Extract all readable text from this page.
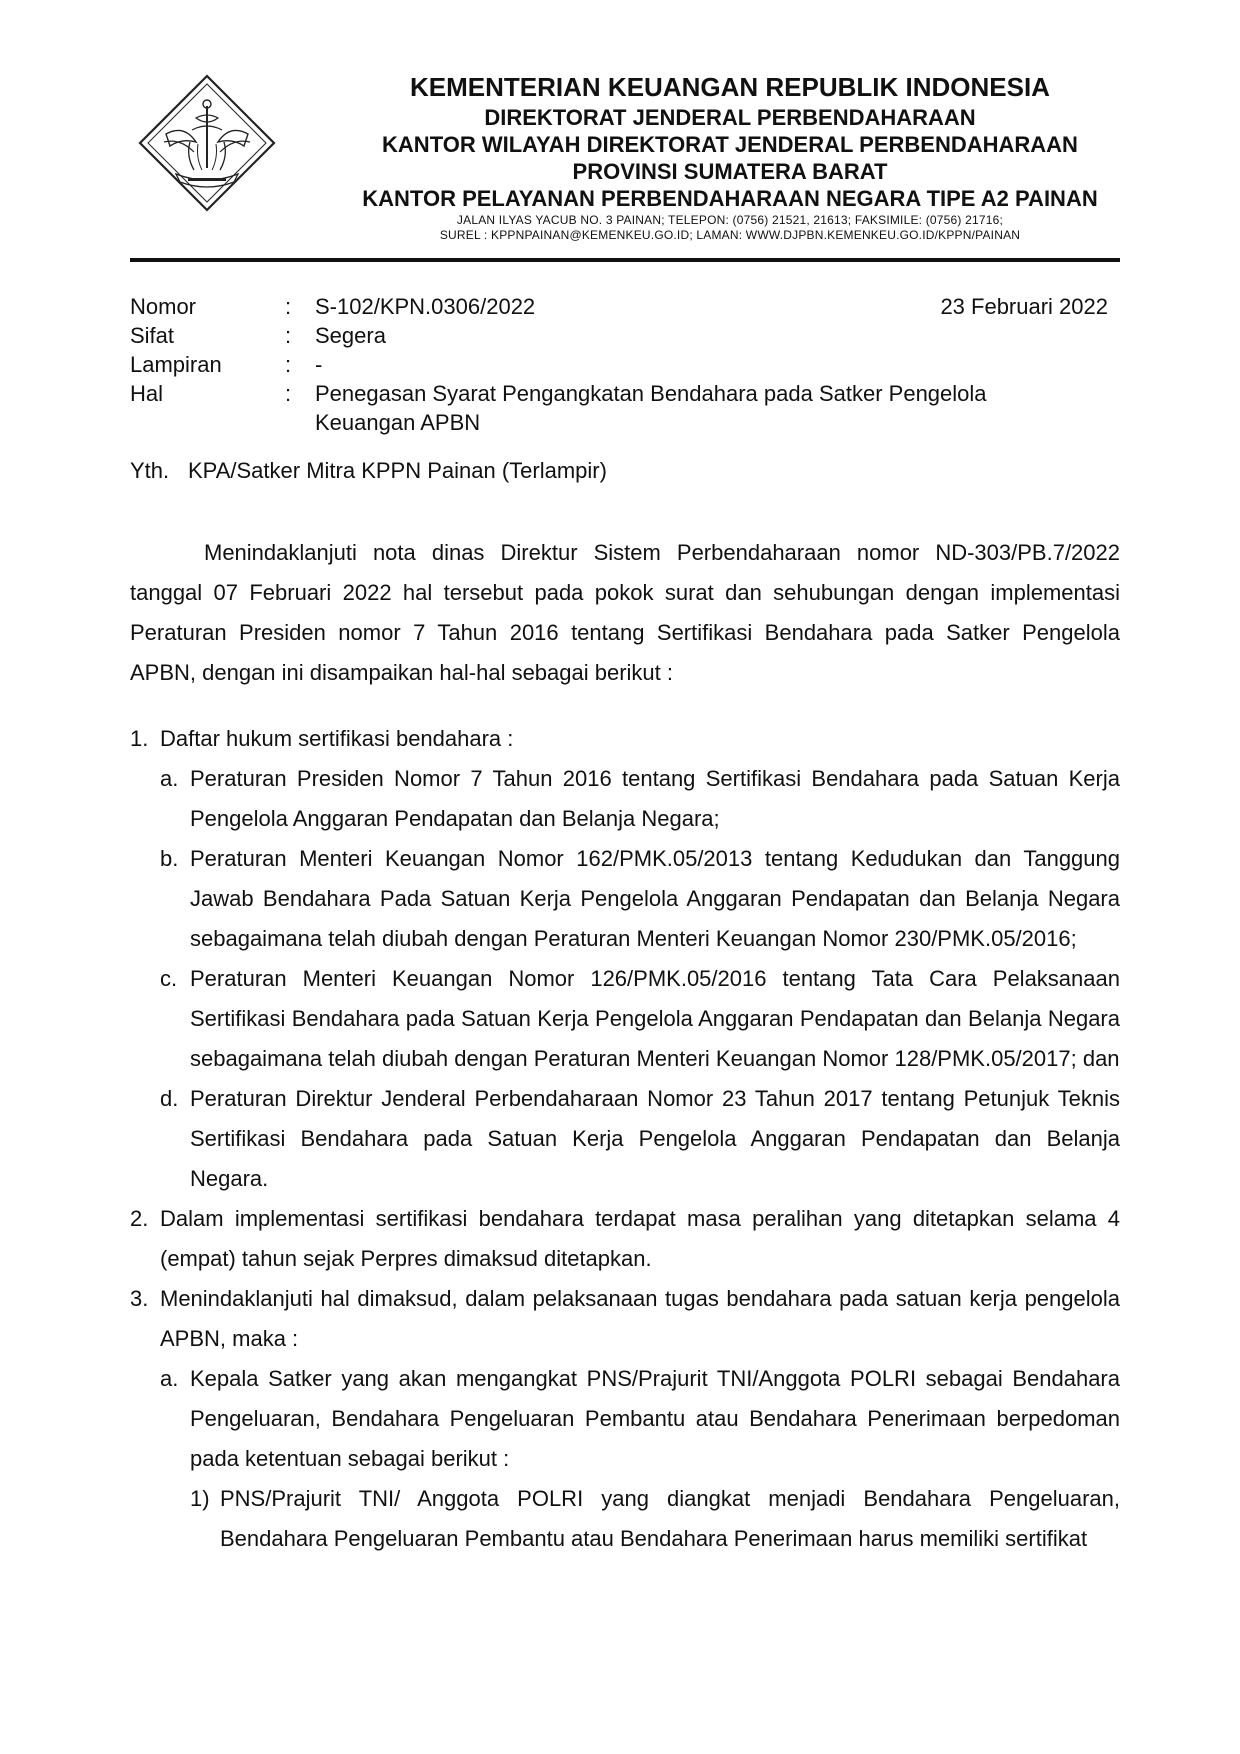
KEMENTERIAN KEUANGAN REPUBLIK INDONESIA
DIREKTORAT JENDERAL PERBENDAHARAAN
KANTOR WILAYAH DIREKTORAT JENDERAL PERBENDAHARAAN
PROVINSI SUMATERA BARAT
KANTOR PELAYANAN PERBENDAHARAAN NEGARA TIPE A2 PAINAN
JALAN ILYAS YACUB NO. 3 PAINAN; TELEPON: (0756) 21521, 21613; FAKSIMILE: (0756) 21716;
SUREL : KPPNPAINAN@KEMENKEU.GO.ID; LAMAN: WWW.DJPBN.KEMENKEU.GO.ID/KPPN/PAINAN
Nomor	:	S-102/KPN.0306/2022	23 Februari 2022
Sifat	:	Segera
Lampiran	:	-
Hal	:	Penegasan Syarat Pengangkatan Bendahara pada Satker Pengelola
Keuangan APBN
Yth. KPA/Satker Mitra KPPN Painan (Terlampir)

Menindaklanjuti nota dinas Direktur Sistem Perbendaharaan nomor ND-303/PB.7/2022 tanggal 07 Februari 2022 hal tersebut pada pokok surat dan sehubungan dengan implementasi Peraturan Presiden nomor 7 Tahun 2016 tentang Sertifikasi Bendahara pada Satker Pengelola APBN, dengan ini disampaikan hal-hal sebagai berikut :

1. Daftar hukum sertifikasi bendahara :
a. Peraturan Presiden Nomor 7 Tahun 2016 tentang Sertifikasi Bendahara pada Satuan Kerja Pengelola Anggaran Pendapatan dan Belanja Negara;
b. Peraturan Menteri Keuangan Nomor 162/PMK.05/2013 tentang Kedudukan dan Tanggung Jawab Bendahara Pada Satuan Kerja Pengelola Anggaran Pendapatan dan Belanja Negara sebagaimana telah diubah dengan Peraturan Menteri Keuangan Nomor 230/PMK.05/2016;
c. Peraturan Menteri Keuangan Nomor 126/PMK.05/2016 tentang Tata Cara Pelaksanaan Sertifikasi Bendahara pada Satuan Kerja Pengelola Anggaran Pendapatan dan Belanja Negara sebagaimana telah diubah dengan Peraturan Menteri Keuangan Nomor 128/PMK.05/2017; dan
d. Peraturan Direktur Jenderal Perbendaharaan Nomor 23 Tahun 2017 tentang Petunjuk Teknis Sertifikasi Bendahara pada Satuan Kerja Pengelola Anggaran Pendapatan dan Belanja Negara.
2. Dalam implementasi sertifikasi bendahara terdapat masa peralihan yang ditetapkan selama 4 (empat) tahun sejak Perpres dimaksud ditetapkan.
3. Menindaklanjuti hal dimaksud, dalam pelaksanaan tugas bendahara pada satuan kerja pengelola APBN, maka :
a. Kepala Satker yang akan mengangkat PNS/Prajurit TNI/Anggota POLRI sebagai Bendahara Pengeluaran, Bendahara Pengeluaran Pembantu atau Bendahara Penerimaan berpedoman pada ketentuan sebagai berikut :
1) PNS/Prajurit TNI/ Anggota POLRI yang diangkat menjadi Bendahara Pengeluaran, Bendahara Pengeluaran Pembantu atau Bendahara Penerimaan harus memiliki sertifikat
